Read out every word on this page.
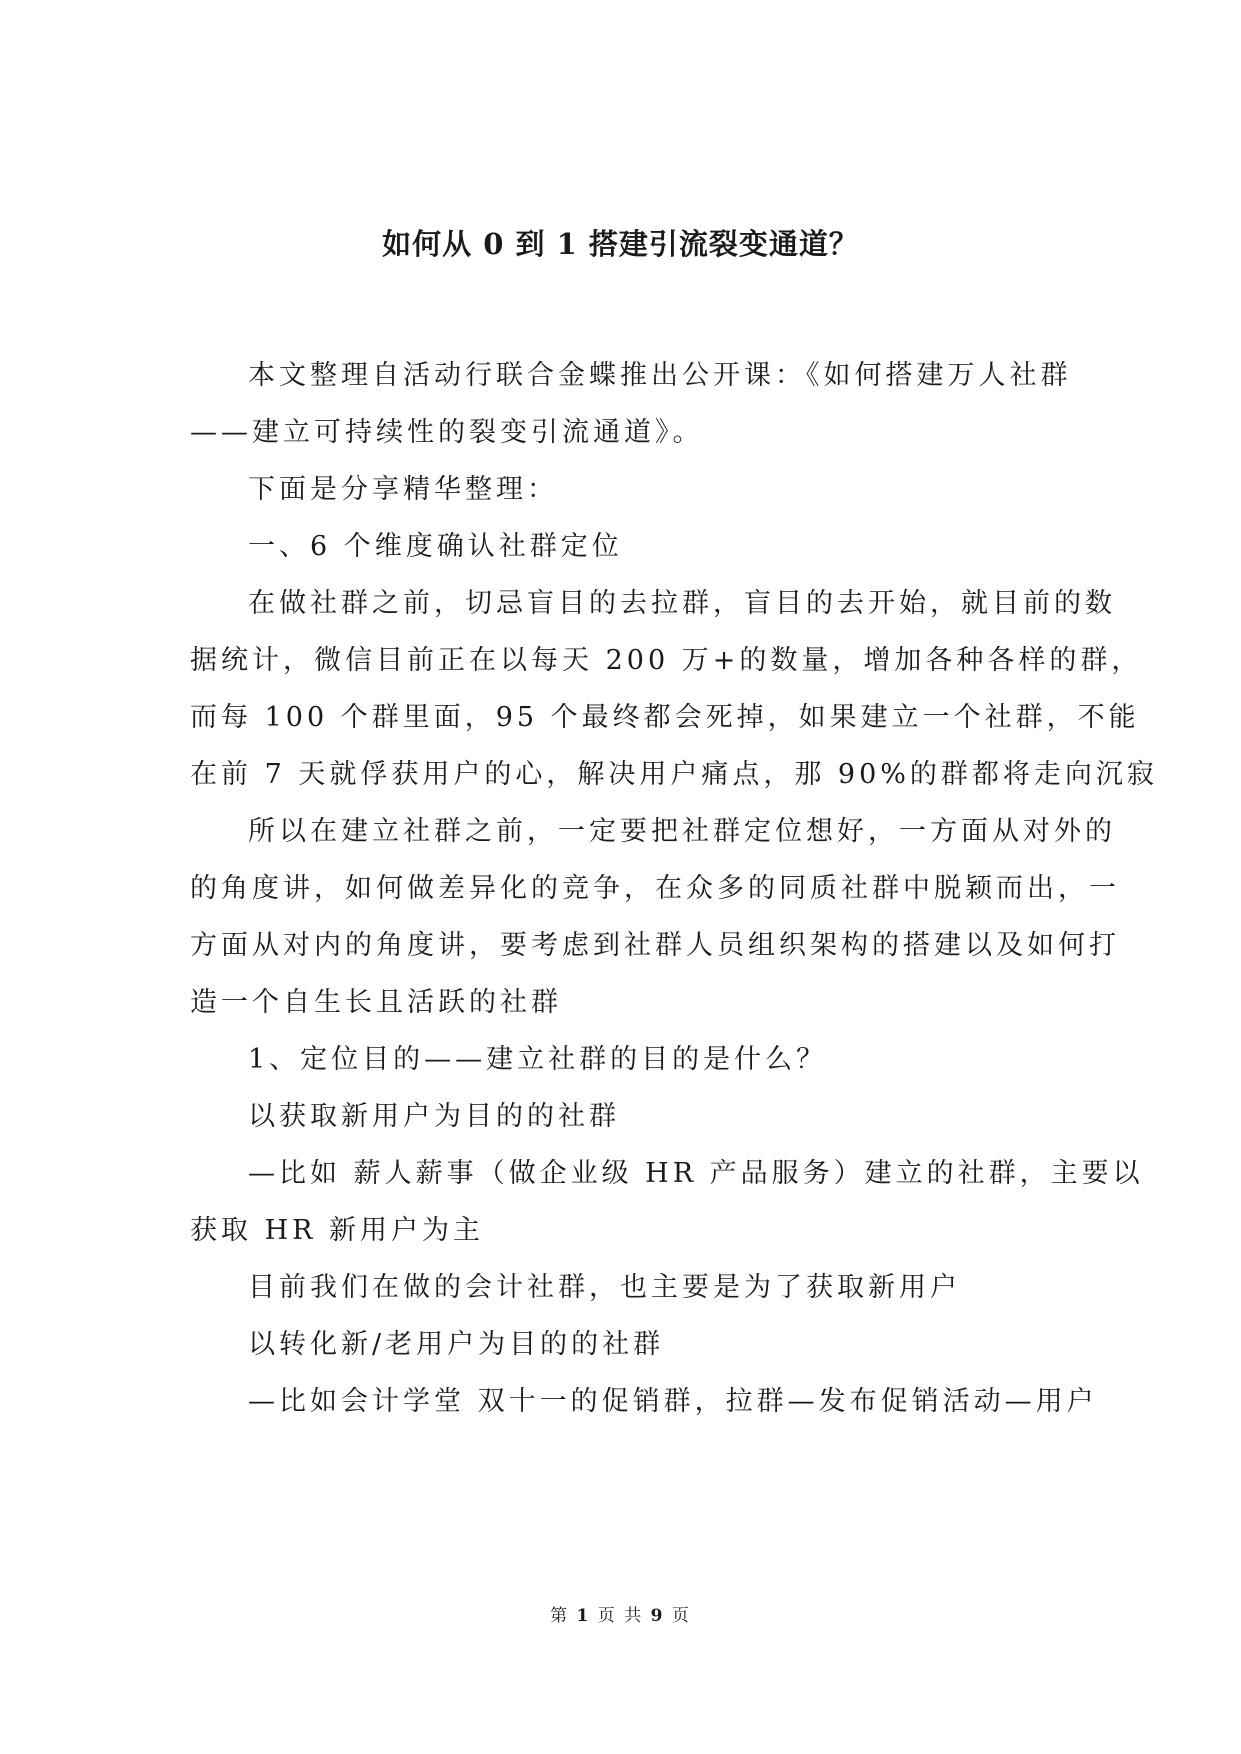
如何从 0 到 1 搭建引流裂变通道？
本文整理自活动行联合金蝶推出公开课：《如何搭建万人社群
——建立可持续性的裂变引流通道》。
下面是分享精华整理：
一、6 个维度确认社群定位
在做社群之前，切忌盲目的去拉群，盲目的去开始，就目前的数
据统计，微信目前正在以每天 200 万+的数量，增加各种各样的群，
而每 100 个群里面，95 个最终都会死掉，如果建立一个社群，不能
在前 7 天就俘获用户的心，解决用户痛点，那 90%的群都将走向沉寂
所以在建立社群之前，一定要把社群定位想好，一方面从对外的
的角度讲，如何做差异化的竞争，在众多的同质社群中脱颖而出，一
方面从对内的角度讲，要考虑到社群人员组织架构的搭建以及如何打
造一个自生长且活跃的社群
1、定位目的——建立社群的目的是什么？
以获取新用户为目的的社群
—比如 薪人薪事（做企业级 HR 产品服务）建立的社群，主要以
获取 HR 新用户为主
目前我们在做的会计社群，也主要是为了获取新用户
以转化新/老用户为目的的社群
—比如会计学堂 双十一的促销群，拉群—发布促销活动—用户
第 1 页 共 9 页
